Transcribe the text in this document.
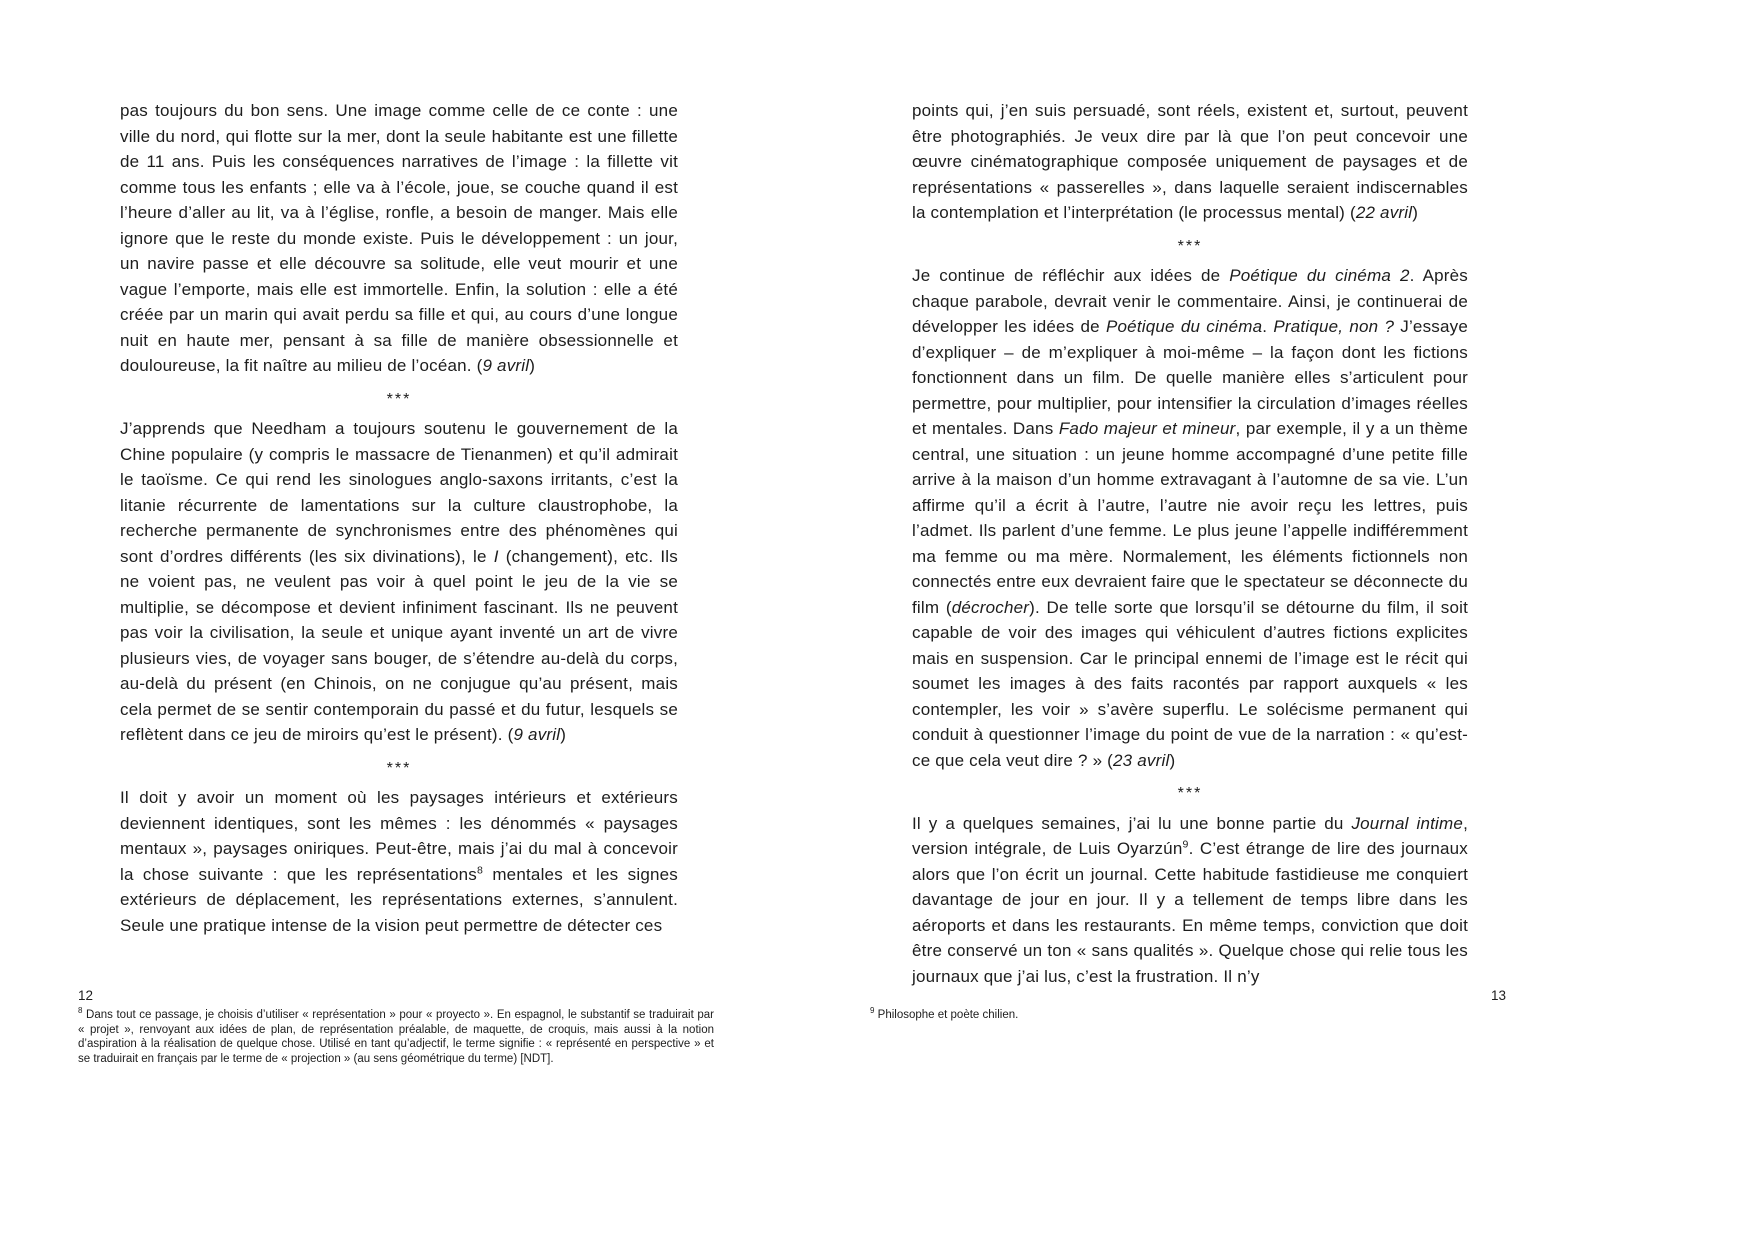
pas toujours du bon sens. Une image comme celle de ce conte : une ville du nord, qui flotte sur la mer, dont la seule habitante est une fillette de 11 ans. Puis les conséquences narratives de l’image : la fillette vit comme tous les enfants ; elle va à l’école, joue, se couche quand il est l’heure d’aller au lit, va à l’église, ronfle, a besoin de manger. Mais elle ignore que le reste du monde existe. Puis le développement : un jour, un navire passe et elle découvre sa solitude, elle veut mourir et une vague l’emporte, mais elle est immortelle. Enfin, la solution : elle a été créée par un marin qui avait perdu sa fille et qui, au cours d’une longue nuit en haute mer, pensant à sa fille de manière obsessionnelle et douloureuse, la fit naître au milieu de l’océan. (9 avril)

***

J’apprends que Needham a toujours soutenu le gouvernement de la Chine populaire (y compris le massacre de Tienanmen) et qu’il admirait le taoïsme. Ce qui rend les sinologues anglo-saxons irritants, c’est la litanie récurrente de lamentations sur la culture claustrophobe, la recherche permanente de synchronismes entre des phénomènes qui sont d’ordres différents (les six divinations), le I (changement), etc. Ils ne voient pas, ne veulent pas voir à quel point le jeu de la vie se multiplie, se décompose et devient infiniment fascinant. Ils ne peuvent pas voir la civilisation, la seule et unique ayant inventé un art de vivre plusieurs vies, de voyager sans bouger, de s’étendre au-delà du corps, au-delà du présent (en Chinois, on ne conjugue qu’au présent, mais cela permet de se sentir contemporain du passé et du futur, lesquels se reflètent dans ce jeu de miroirs qu’est le présent). (9 avril)

***

Il doit y avoir un moment où les paysages intérieurs et extérieurs deviennent identiques, sont les mêmes : les dénommés « paysages mentaux », paysages oniriques. Peut-être, mais j’ai du mal à concevoir la chose suivante : que les représentations$^8$ mentales et les signes extérieurs de déplacement, les représentations externes, s’annulent. Seule une pratique intense de la vision peut permettre de détecter ces

12

$^8$ Dans tout ce passage, je choisis d’utiliser « représentation » pour « proyecto ». En espagnol, le substantif se traduirait par « projet », renvoyant aux idées de plan, de représentation préalable, de maquette, de croquis, mais aussi à la notion d’aspiration à la réalisation de quelque chose. Utilisé en tant qu’adjectif, le terme signifie : « représenté en perspective » et se traduirait en français par le terme de « projection » (au sens géométrique du terme) [NDT].

points qui, j’en suis persuadé, sont réels, existent et, surtout, peuvent être photographiés. Je veux dire par là que l’on peut concevoir une œuvre cinématographique composée uniquement de paysages et de représentations « passerelles », dans laquelle seraient indiscernables la contemplation et l’interprétation (le processus mental) (22 avril)

***

Je continue de réfléchir aux idées de Poétique du cinéma 2. Après chaque parabole, devrait venir le commentaire. Ainsi, je continuerai de développer les idées de Poétique du cinéma. Pratique, non ? J’essaye d’expliquer – de m’expliquer à moi-même – la façon dont les fictions fonctionnent dans un film. De quelle manière elles s’articulent pour permettre, pour multiplier, pour intensifier la circulation d’images réelles et mentales. Dans Fado majeur et mineur, par exemple, il y a un thème central, une situation : un jeune homme accompagné d’une petite fille arrive à la maison d’un homme extravagant à l’automne de sa vie. L’un affirme qu’il a écrit à l’autre, l’autre nie avoir reçu les lettres, puis l’admet. Ils parlent d’une femme. Le plus jeune l’appelle indifféremment ma femme ou ma mère. Normalement, les éléments fictionnels non connectés entre eux devraient faire que le spectateur se déconnecte du film (décrocher). De telle sorte que lorsqu’il se détourne du film, il soit capable de voir des images qui véhiculent d’autres fictions explicites mais en suspension. Car le principal ennemi de l’image est le récit qui soumet les images à des faits racontés par rapport auxquels « les contempler, les voir » s’avère superflu. Le solécisme permanent qui conduit à questionner l’image du point de vue de la narration : « qu’est-ce que cela veut dire ? » (23 avril)

***

Il y a quelques semaines, j’ai lu une bonne partie du Journal intime, version intégrale, de Luis Oyarzún$^9$. C’est étrange de lire des journaux alors que l’on écrit un journal. Cette habitude fastidieuse me conquiert davantage de jour en jour. Il y a tellement de temps libre dans les aéroports et dans les restaurants. En même temps, conviction que doit être conservé un ton « sans qualités ». Quelque chose qui relie tous les journaux que j’ai lus, c’est la frustration. Il n’y

13

$^9$ Philosophe et poète chilien.
